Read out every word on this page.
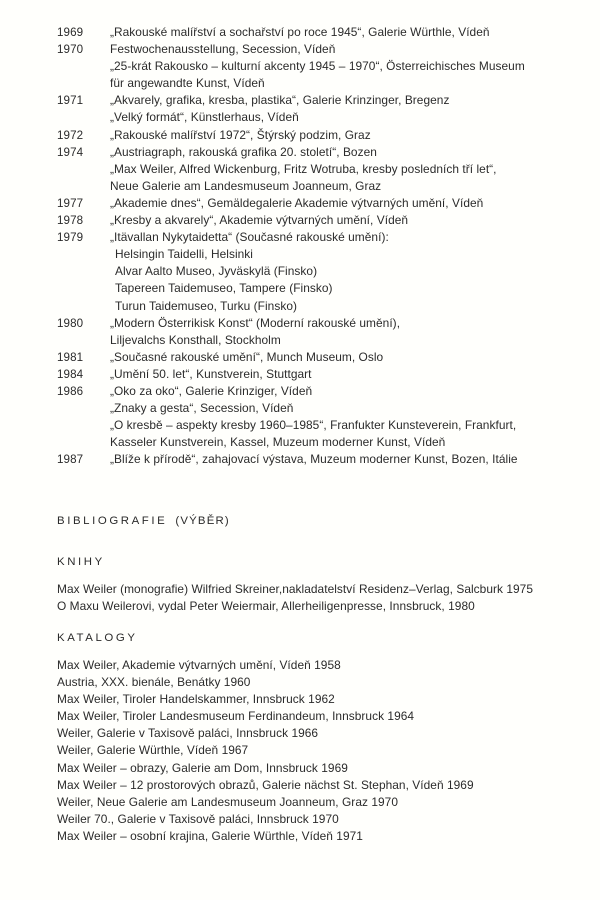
1969	„Rakouské malířství a sochařství po roce 1945“, Galerie Würthle, Vídeň
1970	Festwochenausstellung, Secession, Vídeň
„25-krát Rakousko – kulturní akcenty 1945 – 1970“, Österreichisches Museum
für angewandte Kunst, Vídeň
1971	„Akvarely, grafika, kresba, plastika“, Galerie Krinzinger, Bregenz
„Velký formát“, Künstlerhaus, Vídeň
1972	„Rakouské malířství 1972“, Štýrský podzim, Graz
1974	„Austriagraph, rakouská grafika 20. století“, Bozen
„Max Weiler, Alfred Wickenburg, Fritz Wotruba, kresby posledních tří let“,
Neue Galerie am Landesmuseum Joanneum, Graz
1977	„Akademie dnes“, Gemäldegalerie Akademie výtvarných umění, Vídeň
1978	„Kresby a akvarely“, Akademie výtvarných umění, Vídeň
1979	„Itävallan Nykytaidetta“ (Současné rakouské umění):
Helsingin Taidelli, Helsinki
Alvar Aalto Museo, Jyväskylä (Finsko)
Tapereen Taidemuseo, Tampere (Finsko)
Turun Taidemuseo, Turku (Finsko)
1980	„Modern Österrikisk Konst“ (Moderní rakouské umění),
Liljevalchs Konsthall, Stockholm
1981	„Současné rakouské umění“, Munch Museum, Oslo
1984	„Umění 50. let“, Kunstverein, Stuttgart
1986	„Oko za oko“, Galerie Krinziger, Vídeň
„Znaky a gesta“, Secession, Vídeň
„O kresbě – aspekty kresby 1960–1985“, Franfukter Kunsteverein, Frankfurt,
Kasseler Kunstverein, Kassel, Muzeum moderner Kunst, Vídeň
1987	„Blíže k přírodě“, zahajovací výstava, Muzeum moderner Kunst, Bozen, Itálie
BIBLIOGRAFIE (VÝBĚR)
KNIHY
Max Weiler (monografie) Wilfried Skreiner,nakladatelství Residenz–Verlag, Salcburk 1975
O Maxu Weilerovi, vydal Peter Weiermair, Allerheiligenpresse, Innsbruck, 1980
KATALOGY
Max Weiler, Akademie výtvarných umění, Vídeň 1958
Austria, XXX. bienále, Benátky 1960
Max Weiler, Tiroler Handelskammer, Innsbruck 1962
Max Weiler, Tiroler Landesmuseum Ferdinandeum, Innsbruck 1964
Weiler, Galerie v Taxisově paláci, Innsbruck 1966
Weiler, Galerie Würthle, Vídeň 1967
Max Weiler – obrazy, Galerie am Dom, Innsbruck 1969
Max Weiler – 12 prostorových obrazů, Galerie nächst St. Stephan, Vídeň 1969
Weiler, Neue Galerie am Landesmuseum Joanneum, Graz 1970
Weiler 70., Galerie v Taxisově paláci, Innsbruck 1970
Max Weiler – osobní krajina, Galerie Würthle, Vídeň 1971
